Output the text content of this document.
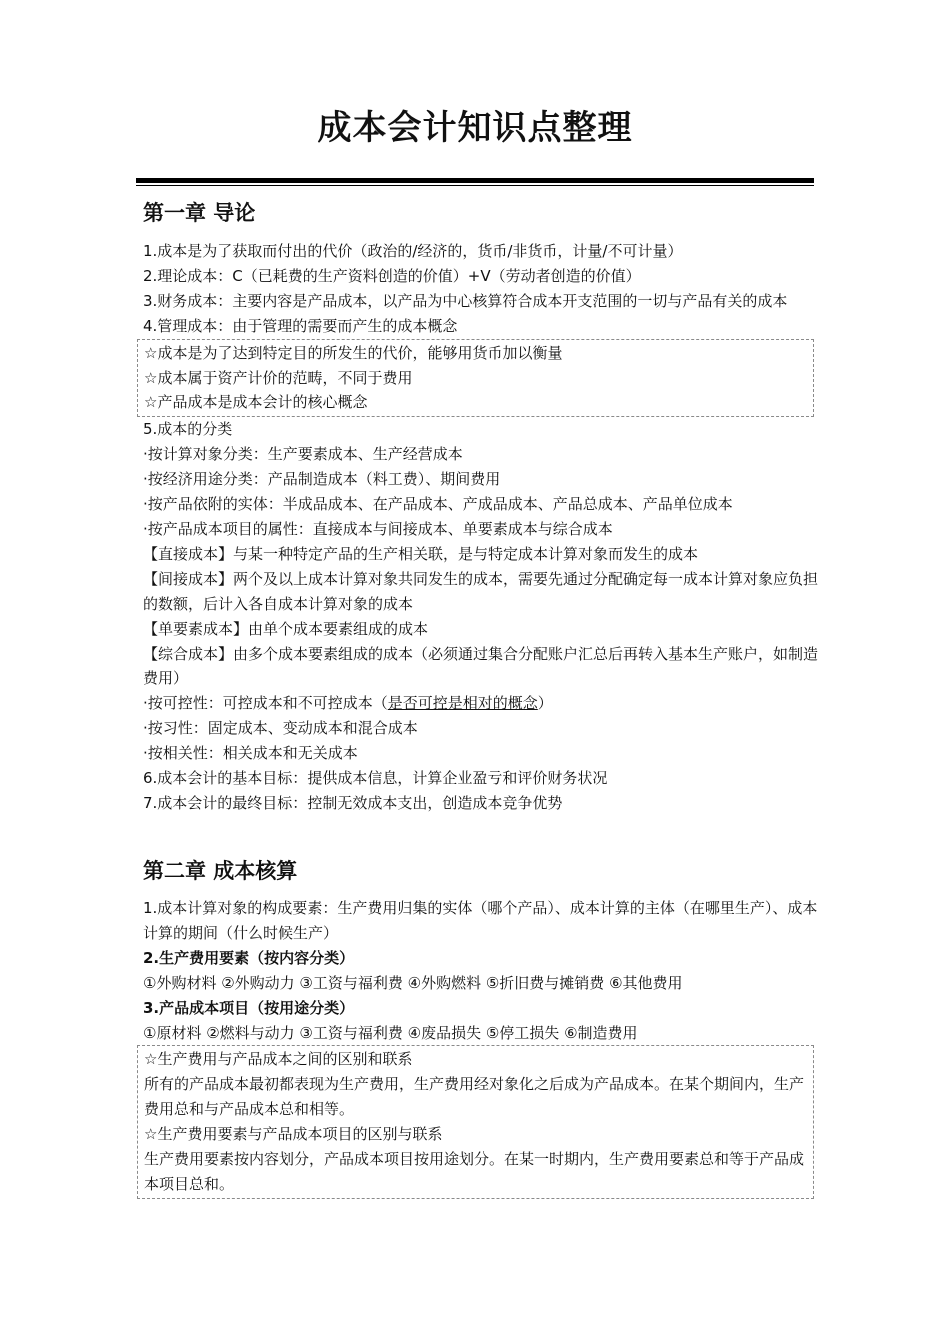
成本会计知识点整理
第一章 导论

1.成本是为了获取而付出的代价（政治的/经济的，货币/非货币，计量/不可计量）

2.理论成本：C（已耗费的生产资料创造的价值）+V（劳动者创造的价值）

3.财务成本：主要内容是产品成本，以产品为中心核算符合成本开支范围的一切与产品有关的成本

4.管理成本：由于管理的需要而产生的成本概念

☆成本是为了达到特定目的所发生的代价，能够用货币加以衡量

☆成本属于资产计价的范畴，不同于费用

☆产品成本是成本会计的核心概念

5.成本的分类

·按计算对象分类：生产要素成本、生产经营成本

·按经济用途分类：产品制造成本（料工费）、期间费用

·按产品依附的实体：半成品成本、在产品成本、产成品成本、产品总成本、产品单位成本

·按产品成本项目的属性：直接成本与间接成本、单要素成本与综合成本

【直接成本】与某一种特定产品的生产相关联，是与特定成本计算对象而发生的成本

【间接成本】两个及以上成本计算对象共同发生的成本，需要先通过分配确定每一成本计算对象应负担的数额，后计入各自成本计算对象的成本

【单要素成本】由单个成本要素组成的成本

【综合成本】由多个成本要素组成的成本（必须通过集合分配账户汇总后再转入基本生产账户，如制造费用）

·按可控性：可控成本和不可控成本（是否可控是相对的概念）

·按习性：固定成本、变动成本和混合成本

·按相关性：相关成本和无关成本

6.成本会计的基本目标：提供成本信息，计算企业盈亏和评价财务状况

7.成本会计的最终目标：控制无效成本支出，创造成本竞争优势

第二章 成本核算

1.成本计算对象的构成要素：生产费用归集的实体（哪个产品）、成本计算的主体（在哪里生产）、成本计算的期间（什么时候生产）

2.生产费用要素（按内容分类）

①外购材料 ②外购动力 ③工资与福利费 ④外购燃料 ⑤折旧费与摊销费 ⑥其他费用

3.产品成本项目（按用途分类）

①原材料 ②燃料与动力 ③工资与福利费 ④废品损失 ⑤停工损失 ⑥制造费用

☆生产费用与产品成本之间的区别和联系

所有的产品成本最初都表现为生产费用，生产费用经对象化之后成为产品成本。在某个期间内，生产费用总和与产品成本总和相等。

☆生产费用要素与产品成本项目的区别与联系

生产费用要素按内容划分，产品成本项目按用途划分。在某一时期内，生产费用要素总和等于产品成本项目总和。
